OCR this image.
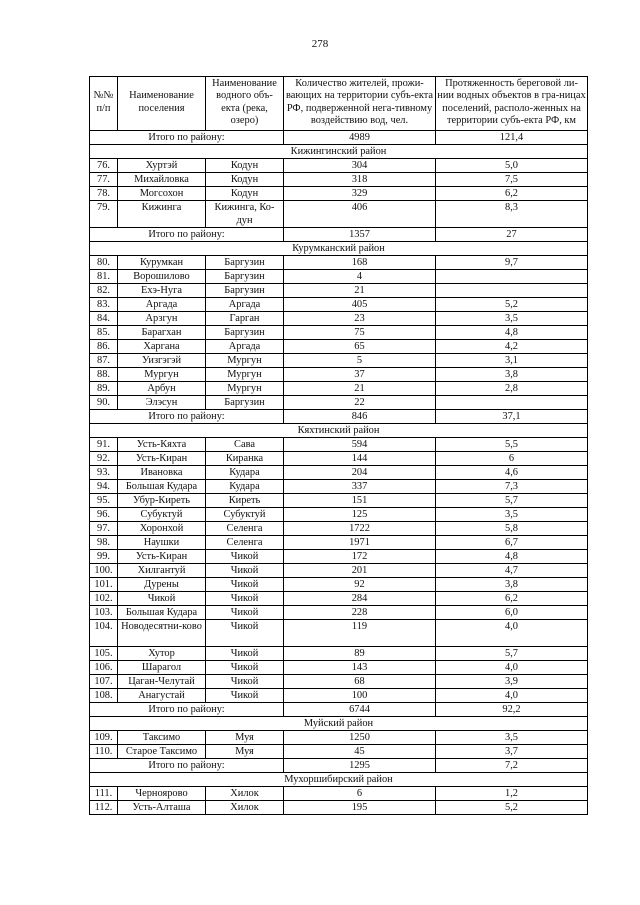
278
№№ п/п	Наименование поселения	Наименование водного объ-екта (река, озеро)	Количество жителей, прожи-вающих на территории субъ-екта РФ, подверженной нега-тивному воздействию вод, чел.	Протяженность береговой ли-нии водных объектов в гра-ницах поселений, располо-женных на территории субъ-екта РФ, км
Итого по району:			4989	121,4
Кижингинский район				
76.	Хуртэй	Кодун	304	5,0
77.	Михайловка	Кодун	318	7,5
78.	Могсохон	Кодун	329	6,2
79.	Кижинга	Кижинга, Ко-дун	406	8,3
Итого по району:			1357	27
Курумканский район				
80.	Курумкан	Баргузин	168	9,7
81.	Ворошилово	Баргузин	4	
82.	Ехэ-Нуга	Баргузин	21	
83.	Аргада	Аргада	405	5,2
84.	Арзгун	Гарган	23	3,5
85.	Барагхан	Баргузин	75	4,8
86.	Харгана	Аргада	65	4,2
87.	Уизгэгэй	Мургун	5	3,1
88.	Мургун	Мургун	37	3,8
89.	Арбун	Мургун	21	2,8
90.	Элэсун	Баргузин	22	
Итого по району:			846	37,1
Кяхтинский район				
91.	Усть-Кяхта	Сава	594	5,5
92.	Усть-Киран	Киранка	144	6
93.	Ивановка	Кудара	204	4,6
94.	Большая Кудара	Кудара	337	7,3
95.	Убур-Киреть	Киреть	151	5,7
96.	Субуктуй	Субуктуй	125	3,5
97.	Хоронхой	Селенга	1722	5,8
98.	Наушки	Селенга	1971	6,7
99.	Усть-Киран	Чикой	172	4,8
100.	Хилгантуй	Чикой	201	4,7
101.	Дурены	Чикой	92	3,8
102.	Чикой	Чикой	284	6,2
103.	Большая Кудара	Чикой	228	6,0
104.	Новодесятни-ково	Чикой	119	4,0
105.	Хутор	Чикой	89	5,7
106.	Шарагол	Чикой	143	4,0
107.	Цаган-Челутай	Чикой	68	3,9
108.	Анагустай	Чикой	100	4,0
Итого по району:			6744	92,2
Муйский район				
109.	Таксимо	Муя	1250	3,5
110.	Старое Таксимо	Муя	45	3,7
Итого по району:			1295	7,2
Мухоршибирский район				
111.	Черноярово	Хилок	6	1,2
112.	Усть-Алташа	Хилок	195	5,2
